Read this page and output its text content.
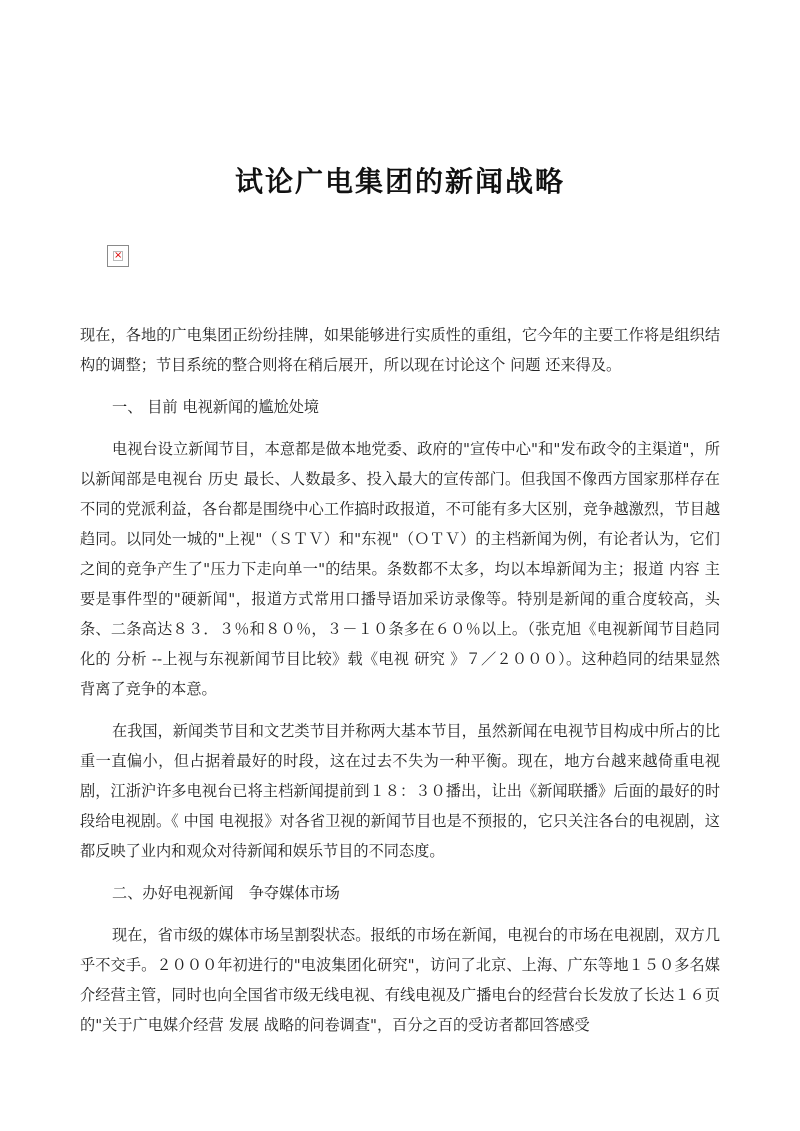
试论广电集团的新闻战略
×

现在，各地的广电集团正纷纷挂牌，如果能够进行实质性的重组，它今年的主要工作将是组织结构的调整；节目系统的整合则将在稍后展开，所以现在讨论这个 问题 还来得及。

一、 目前 电视新闻的尴尬处境

电视台设立新闻节目，本意都是做本地党委、政府的"宣传中心"和"发布政令的主渠道"，所以新闻部是电视台 历史 最长、人数最多、投入最大的宣传部门。但我国不像西方国家那样存在不同的党派利益，各台都是围绕中心工作搞时政报道，不可能有多大区别，竞争越激烈，节目越趋同。以同处一城的"上视"（ＳＴＶ）和"东视"（ＯＴＶ）的主档新闻为例，有论者认为，它们之间的竞争产生了"压力下走向单一"的结果。条数都不太多，均以本埠新闻为主；报道 内容 主要是事件型的"硬新闻"，报道方式常用口播导语加采访录像等。特别是新闻的重合度较高，头条、二条高达８３．３％和８０％，３－１０条多在６０％以上。（张克旭《电视新闻节目趋同化的 分析 --上视与东视新闻节目比较》载《电视 研究 》７／２０００）。这种趋同的结果显然背离了竞争的本意。

在我国，新闻类节目和文艺类节目并称两大基本节目，虽然新闻在电视节目构成中所占的比重一直偏小，但占据着最好的时段，这在过去不失为一种平衡。现在，地方台越来越倚重电视剧，江浙沪许多电视台已将主档新闻提前到１８：３０播出，让出《新闻联播》后面的最好的时段给电视剧。《 中国 电视报》对各省卫视的新闻节目也是不预报的，它只关注各台的电视剧，这都反映了业内和观众对待新闻和娱乐节目的不同态度。

二、办好电视新闻　争夺媒体市场

现在，省市级的媒体市场呈割裂状态。报纸的市场在新闻，电视台的市场在电视剧，双方几乎不交手。２０００年初进行的"电波集团化研究"，访问了北京、上海、广东等地１５０多名媒介经营主管，同时也向全国省市级无线电视、有线电视及广播电台的经营台长发放了长达１６页的"关于广电媒介经营 发展 战略的问卷调查"，百分之百的受访者都回答感受
